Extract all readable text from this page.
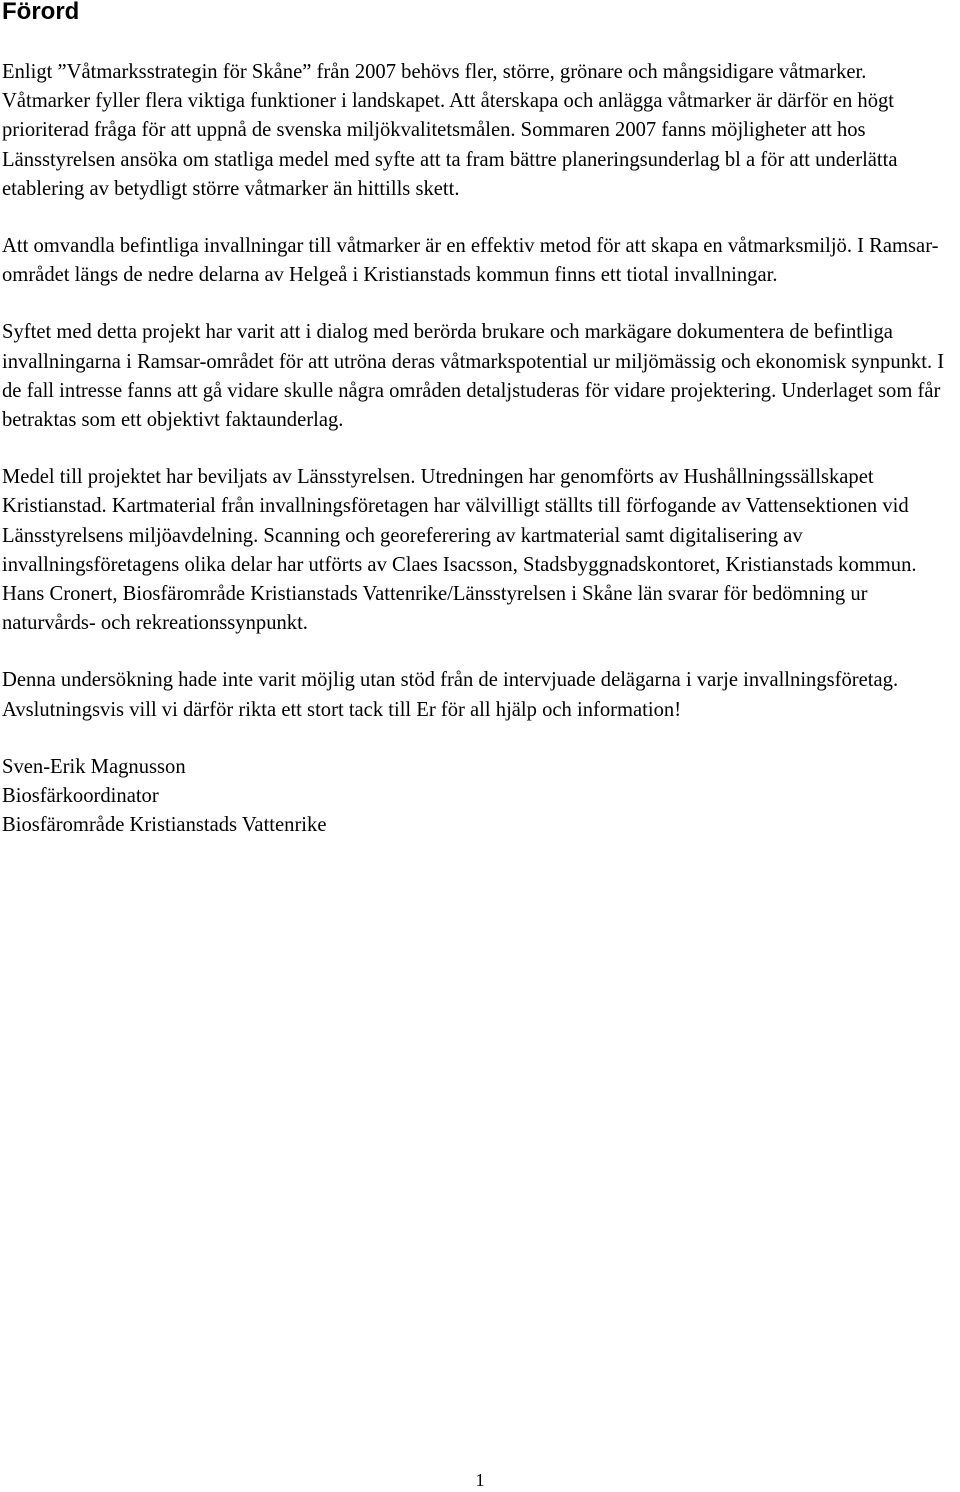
Förord

Enligt ”Våtmarksstrategin för Skåne” från 2007 behövs fler, större, grönare och mångsidigare våtmarker. Våtmarker fyller flera viktiga funktioner i landskapet. Att återskapa och anlägga våtmarker är därför en högt prioriterad fråga för att uppnå de svenska miljökvalitetsmålen. Sommaren 2007 fanns möjligheter att hos Länsstyrelsen ansöka om statliga medel med syfte att ta fram bättre planeringsunderlag bl a för att underlätta etablering av betydligt större våtmarker än hittills skett.

Att omvandla befintliga invallningar till våtmarker är en effektiv metod för att skapa en våtmarksmiljö. I Ramsar-området längs de nedre delarna av Helgeå i Kristianstads kommun finns ett tiotal invallningar.

Syftet med detta projekt har varit att i dialog med berörda brukare och markägare dokumentera de befintliga invallningarna i Ramsar-området för att utröna deras våtmarkspotential ur miljömässig och ekonomisk synpunkt. I de fall intresse fanns att gå vidare skulle några områden detaljstuderas för vidare projektering. Underlaget som får betraktas som ett objektivt faktaunderlag.

Medel till projektet har beviljats av Länsstyrelsen. Utredningen har genomförts av Hushållningssällskapet Kristianstad. Kartmaterial från invallningsföretagen har välvilligt ställts till förfogande av Vattensektionen vid Länsstyrelsens miljöavdelning. Scanning och georeferering av kartmaterial samt digitalisering av invallningsföretagens olika delar har utförts av Claes Isacsson, Stadsbyggnadskontoret, Kristianstads kommun. Hans Cronert, Biosfärområde Kristianstads Vattenrike/Länsstyrelsen i Skåne län svarar för bedömning ur naturvårds- och rekreationssynpunkt.

Denna undersökning hade inte varit möjlig utan stöd från de intervjuade delägarna i varje invallningsföretag. Avslutningsvis vill vi därför rikta ett stort tack till Er för all hjälp och information!

Sven-Erik Magnusson
Biosfärkoordinator
Biosfärområde Kristianstads Vattenrike
1
